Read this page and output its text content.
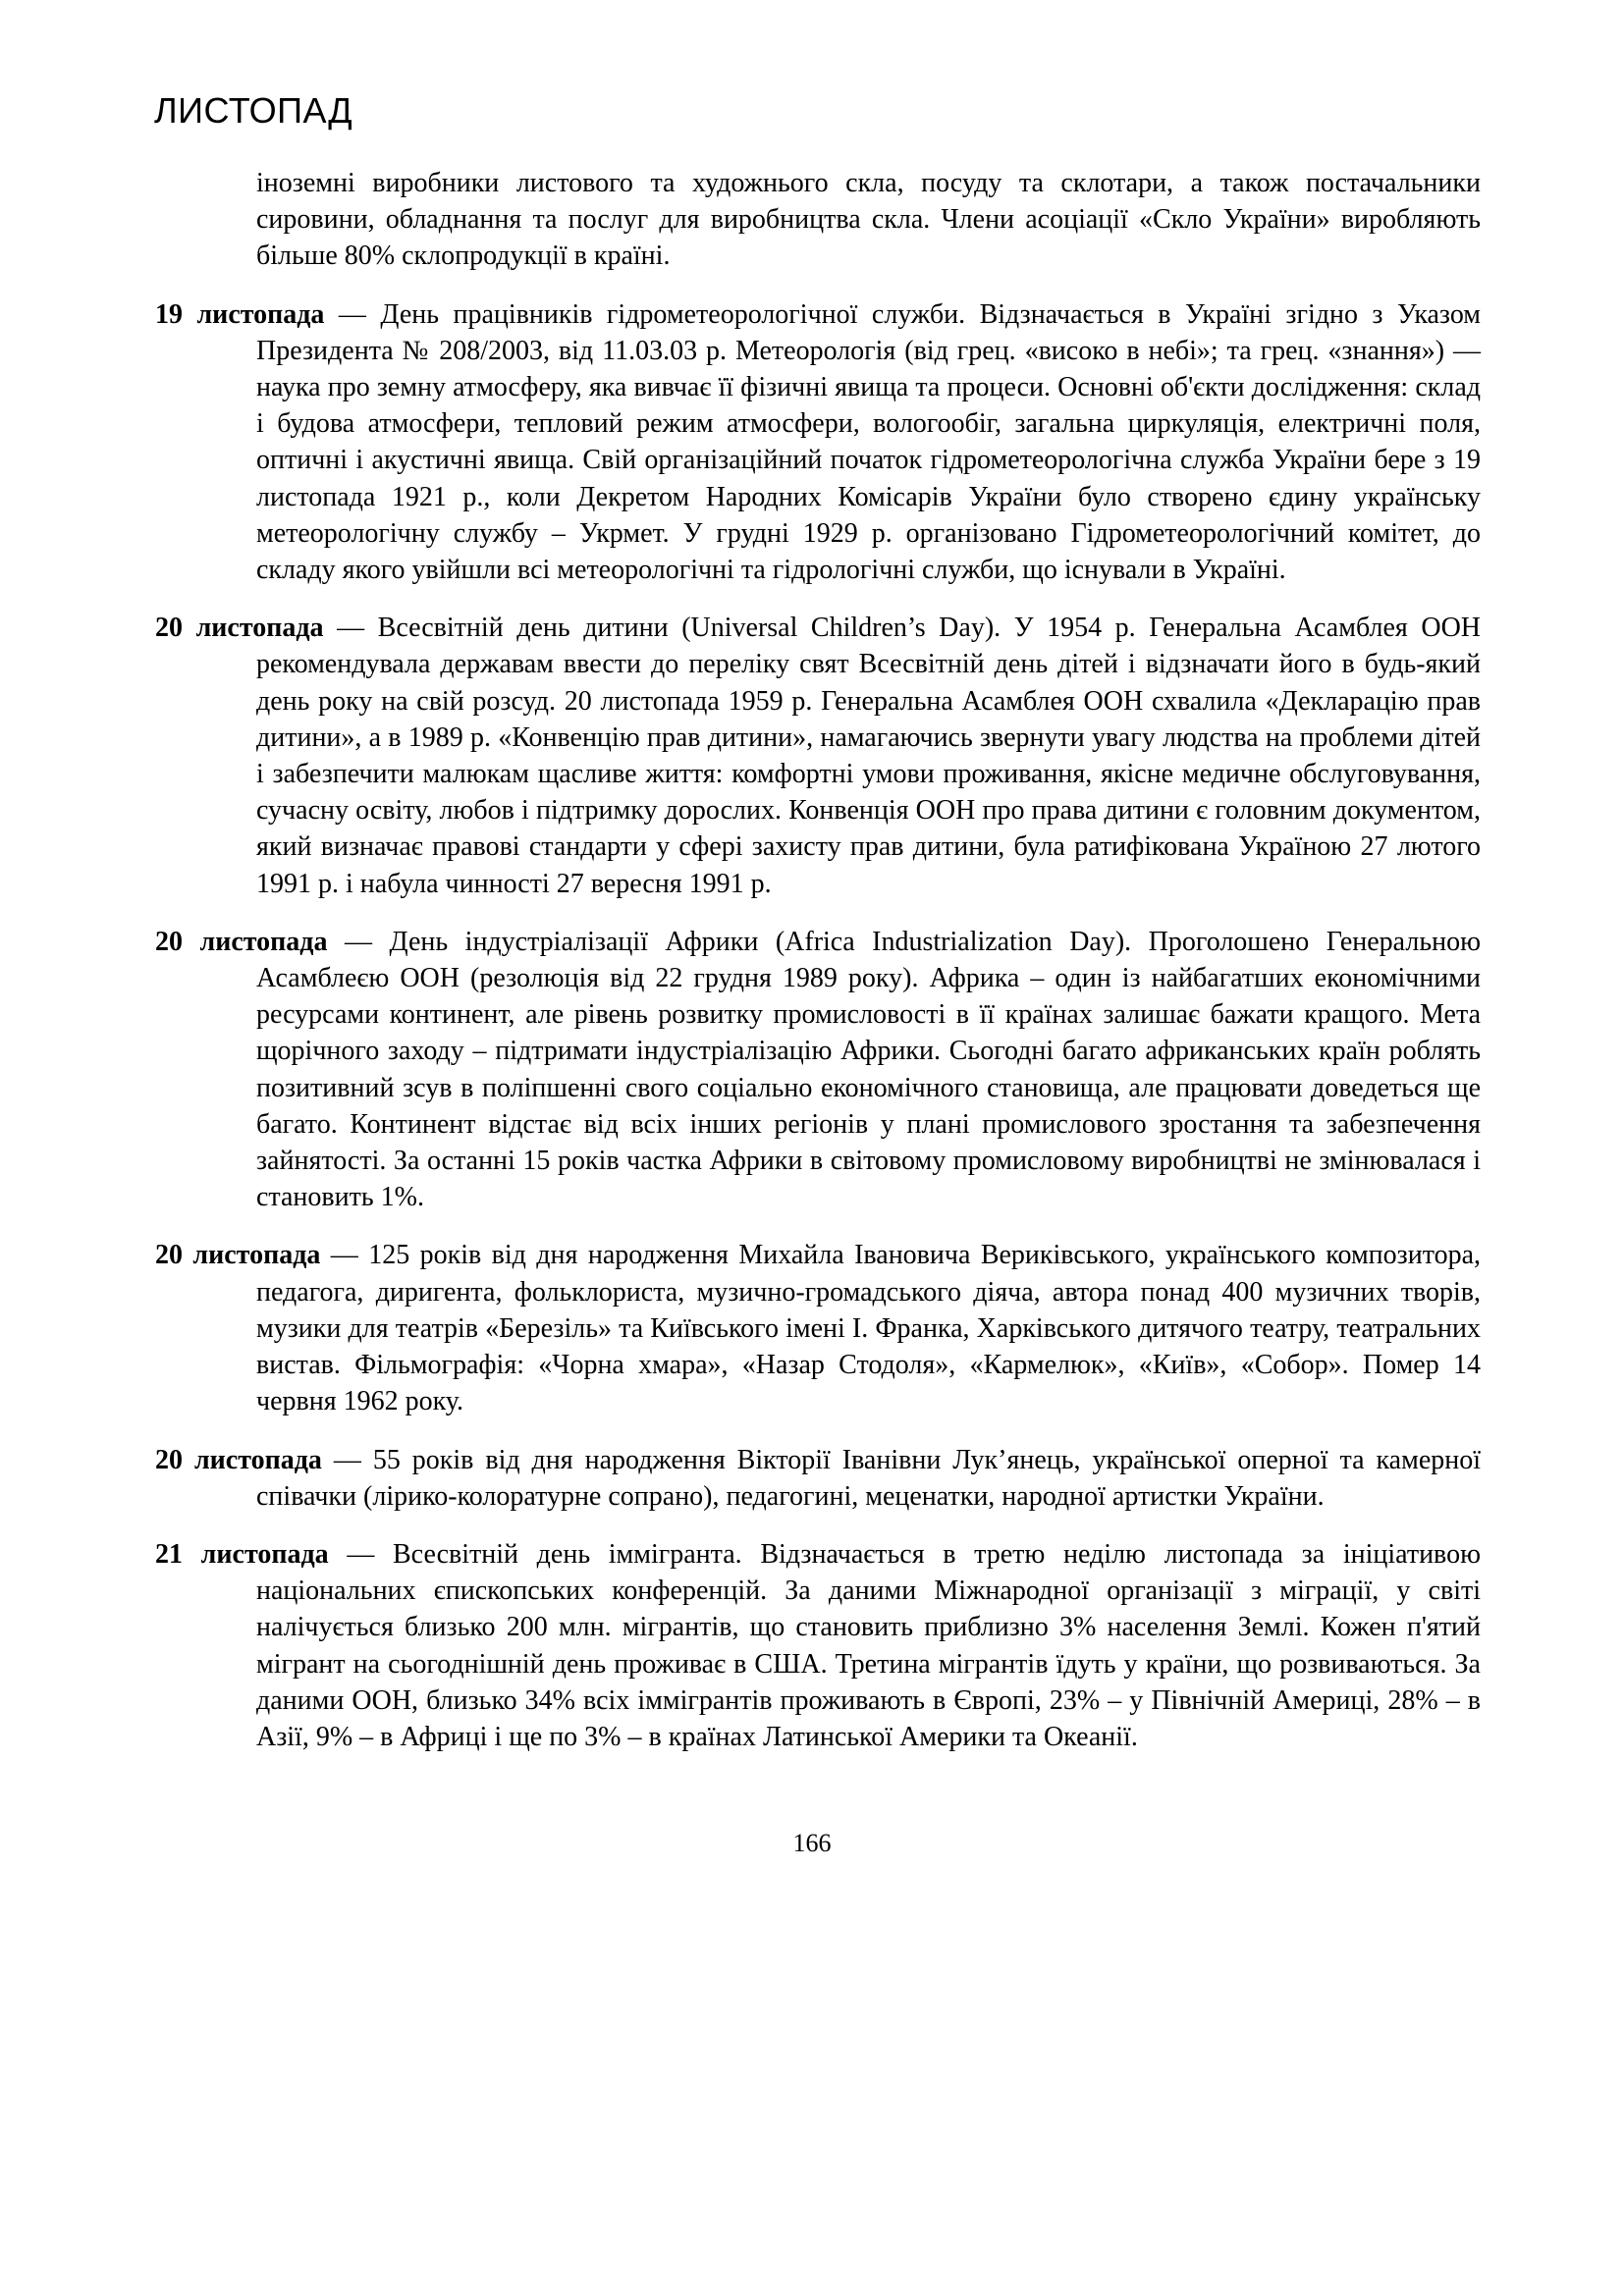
ЛИСТОПАД

іноземні виробники листового та художнього скла, посуду та склотари, а також постачальники сировини, обладнання та послуг для виробництва скла. Члени асоціації «Скло України» виробляють більше 80% склопродукції в країні.

19 листопада — День працівників гідрометеорологічної служби. Відзначається в Україні згідно з Указом Президента № 208/2003, від 11.03.03 р. Метеорологія (від грец. «високо в небі»; та грец. «знання») — наука про земну атмосферу, яка вивчає її фізичні явища та процеси. Основні об'єкти дослідження: склад і будова атмосфери, тепловий режим атмосфери, вологообіг, загальна циркуляція, електричні поля, оптичні і акустичні явища. Свій організаційний початок гідрометеорологічна служба України бере з 19 листопада 1921 р., коли Декретом Народних Комісарів України було створено єдину українську метеорологічну службу – Укрмет. У грудні 1929 р. організовано Гідрометеорологічний комітет, до складу якого увійшли всі метеорологічні та гідрологічні служби, що існували в Україні.

20 листопада — Всесвітній день дитини (Universal Children’s Day). У 1954 р. Генеральна Асамблея ООН рекомендувала державам ввести до переліку свят Всесвітній день дітей і відзначати його в будь-який день року на свій розсуд. 20 листопада 1959 р. Генеральна Асамблея ООН схвалила «Декларацію прав дитини», а в 1989 р. «Конвенцію прав дитини», намагаючись звернути увагу людства на проблеми дітей і забезпечити малюкам щасливе життя: комфортні умови проживання, якісне медичне обслуговування, сучасну освіту, любов і підтримку дорослих. Конвенція ООН про права дитини є головним документом, який визначає правові стандарти у сфері захисту прав дитини, була ратифікована Україною 27 лютого 1991 р. і набула чинності 27 вересня 1991 р.

20 листопада — День індустріалізації Африки (Africa Industrialization Day). Проголошено Генеральною Асамблеєю ООН (резолюція від 22 грудня 1989 року). Африка – один із найбагатших економічними ресурсами континент, але рівень розвитку промисловості в її країнах залишає бажати кращого. Мета щорічного заходу – підтримати індустріалізацію Африки. Сьогодні багато африканських країн роблять позитивний зсув в поліпшенні свого соціально економічного становища, але працювати доведеться ще багато. Континент відстає від всіх інших регіонів у плані промислового зростання та забезпечення зайнятості. За останні 15 років частка Африки в світовому промисловому виробництві не змінювалася і становить 1%.

20 листопада — 125 років від дня народження Михайла Івановича Вериківського, українського композитора, педагога, диригента, фольклориста, музично-громадського діяча, автора понад 400 музичних творів, музики для театрів «Березіль» та Київського імені І. Франка, Харківського дитячого театру, театральних вистав. Фільмографія: «Чорна хмара», «Назар Стодоля», «Кармелюк», «Київ», «Собор». Помер 14 червня 1962 року.

20 листопада — 55 років від дня народження Вікторії Іванівни Лук’янець, української оперної та камерної співачки (лірико-колоратурне сопрано), педагогині, меценатки, народної артистки України.

21 листопада — Всесвітній день іммігранта. Відзначається в третю неділю листопада за ініціативою національних єпископських конференцій. За даними Міжнародної організації з міграції, у світі налічується близько 200 млн. мігрантів, що становить приблизно 3% населення Землі. Кожен п'ятий мігрант на сьогоднішній день проживає в США. Третина мігрантів їдуть у країни, що розвиваються. За даними ООН, близько 34% всіх іммігрантів проживають в Європі, 23% – у Північній Америці, 28% – в Азії, 9% – в Африці і ще по 3% – в країнах Латинської Америки та Океанії.

166
